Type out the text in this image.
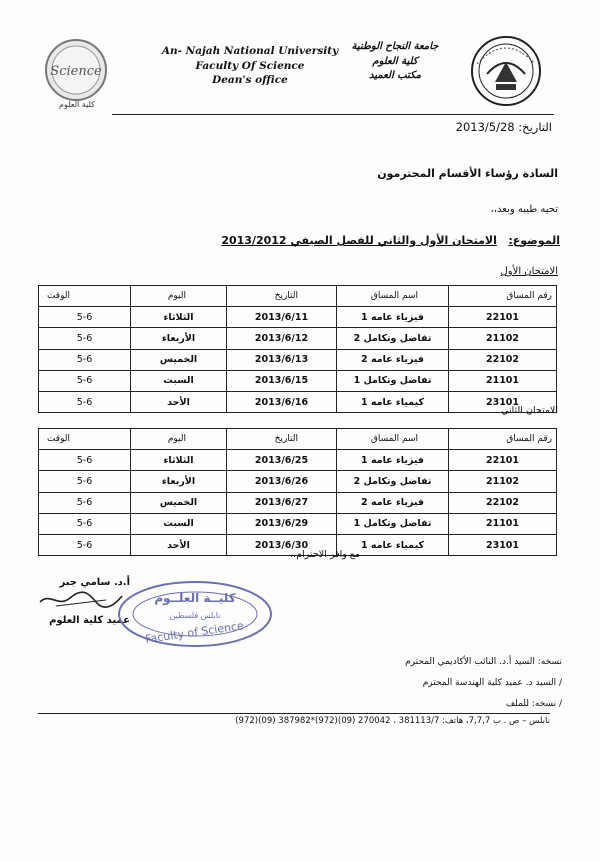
Science
كلية العلوم
An- Najah National University
Faculty Of Science
Dean's office
جامعة النجاح الوطنية
كلية العلوم
مكتب العميد
التاريخ: 2013/5/28
السادة رؤساء الأقسام المحترمون
تحيه طيبه وبعد،،
الموضوع:   الامتحان الأول والثاني للفصل الصيفي 2013/2012
الامتحان الأول
رقم المساق	اسم المساق	التاريخ	اليوم	الوقت
22101	فيزياء عامه 1	2013/6/11	الثلاثاء	5-6
21102	تفاضل وتكامل 2	2013/6/12	الأربعاء	5-6
22102	فيزياء عامه 2	2013/6/13	الخميس	5-6
21101	تفاضل وتكامل 1	2013/6/15	السبت	5-6
23101	كيمياء عامه 1	2013/6/16	الأحد	5-6
الامتحان الثاني
رقم المساق	اسم المساق	التاريخ	اليوم	الوقت
22101	فيزياء عامه 1	2013/6/25	الثلاثاء	5-6
21102	تفاضل وتكامل 2	2013/6/26	الأربعاء	5-6
22102	فيزياء عامه 2	2013/6/27	الخميس	5-6
21101	تفاضل وتكامل 1	2013/6/29	السبت	5-6
23101	كيمياء عامه 1	2013/6/30	الأحد	5-6
مع وافر الاحترام،،
أ.د. سامي جبر
عميد كلية العلوم
كليــة العلــوم
نابلس فلسطين
Faculty of Science
نسخه: السيد أ.د. النائب الأكاديمي المحترم
/ السيد د. عميد كلية الهندسة المحترم
/ نسخه: للملف
نابلس – ص . ب 7,7,7، هاتف: 381113/7 ، 270042 (09)(972)*387982 (09)(972)
